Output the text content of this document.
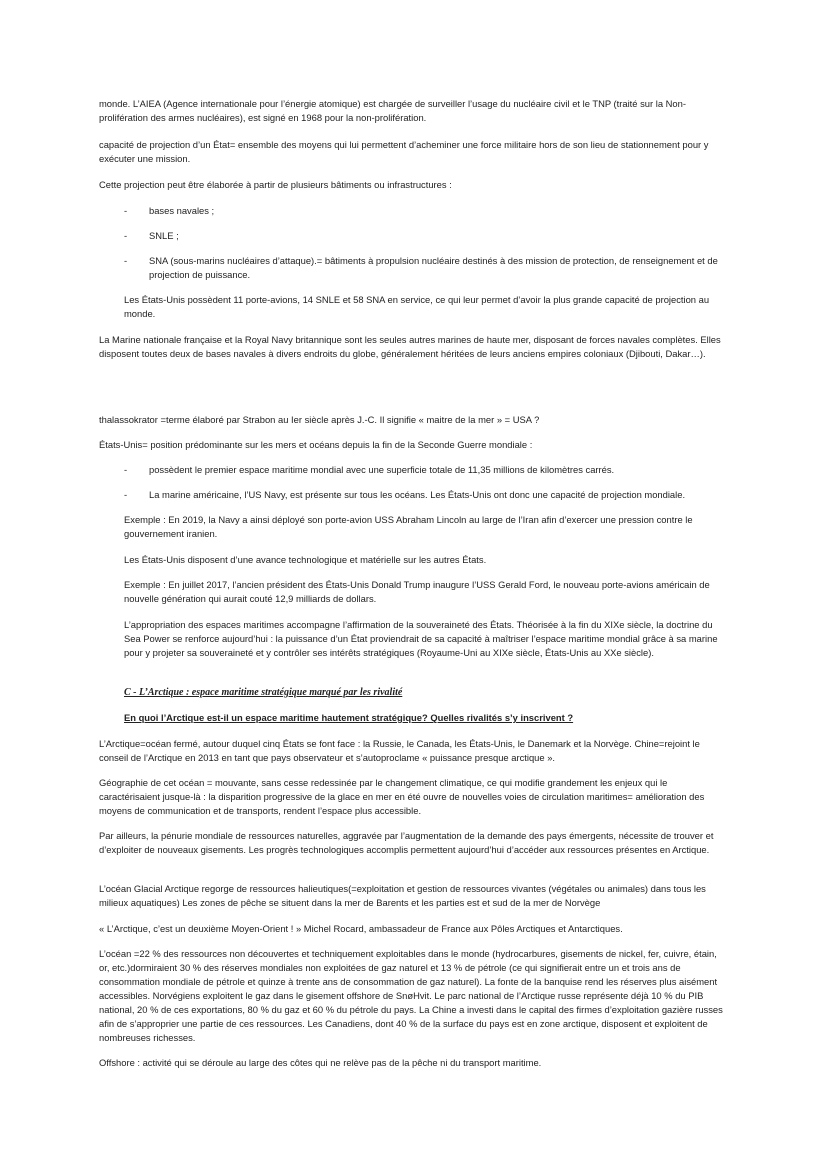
monde. L’AIEA (Agence internationale pour l’énergie atomique) est chargée de surveiller l’usage du nucléaire civil et le TNP (traité sur la Non-prolifération des armes nucléaires), est signé en 1968 pour la non-prolifération.

capacité de projection d’un État= ensemble des moyens qui lui permettent d’acheminer une force militaire hors de son lieu de stationnement pour y exécuter une mission.

Cette projection peut être élaborée à partir de plusieurs bâtiments ou infrastructures :

- bases navales ;

- SNLE ;

- SNA (sous-marins nucléaires d’attaque).= bâtiments à propulsion nucléaire destinés à des mission de protection, de renseignement et de projection de puissance.

Les États-Unis possèdent 11 porte-avions, 14 SNLE et 58 SNA en service, ce qui leur permet d’avoir la plus grande capacité de projection au monde.

La Marine nationale française et la Royal Navy britannique sont les seules autres marines de haute mer, disposant de forces navales complètes. Elles disposent toutes deux de bases navales à divers endroits du globe, généralement héritées de leurs anciens empires coloniaux (Djibouti, Dakar…).

thalassokrator =terme élaboré par Strabon au Ier siècle après J.-C. Il signifie « maitre de la mer » = USA ?

États-Unis= position prédominante sur les mers et océans depuis la fin de la Seconde Guerre mondiale :

- possèdent le premier espace maritime mondial avec une superficie totale de 11,35 millions de kilomètres carrés.

- La marine américaine, l’US Navy, est présente sur tous les océans. Les États-Unis ont donc une capacité de projection mondiale.

Exemple : En 2019, la Navy a ainsi déployé son porte-avion USS Abraham Lincoln au large de l’Iran afin d’exercer une pression contre le gouvernement iranien.

Les États-Unis disposent d’une avance technologique et matérielle sur les autres États.

Exemple : En juillet 2017, l’ancien président des États-Unis Donald Trump inaugure l’USS Gerald Ford, le nouveau porte-avions américain de nouvelle génération qui aurait couté 12,9 milliards de dollars.

L’appropriation des espaces maritimes accompagne l’affirmation de la souveraineté des États. Théorisée à la fin du XIXe siècle, la doctrine du Sea Power se renforce aujourd’hui : la puissance d’un État proviendrait de sa capacité à maîtriser l’espace maritime mondial grâce à sa marine pour y projeter sa souveraineté et y contrôler ses intérêts stratégiques (Royaume-Uni au XIXe siècle, États-Unis au XXe siècle).

C - L’Arctique : espace maritime stratégique marqué par les rivalité

En quoi l’Arctique est-il un espace maritime hautement stratégique? Quelles rivalités s’y inscrivent ?

L’Arctique=océan fermé, autour duquel cinq États se font face : la Russie, le Canada, les États-Unis, le Danemark et la Norvège. Chine=rejoint le conseil de l’Arctique en 2013 en tant que pays observateur et s’autoproclame « puissance presque arctique ».

Géographie de cet océan = mouvante, sans cesse redessinée par le changement climatique, ce qui modifie grandement les enjeux qui le caractérisaient jusque-là : la disparition progressive de la glace en mer en été ouvre de nouvelles voies de circulation maritimes= amélioration des moyens de communication et de transports, rendent l’espace plus accessible.

Par ailleurs, la pénurie mondiale de ressources naturelles, aggravée par l’augmentation de la demande des pays émergents, nécessite de trouver et d’exploiter de nouveaux gisements. Les progrès technologiques accomplis permettent aujourd’hui d’accéder aux ressources présentes en Arctique.

L’océan Glacial Arctique regorge de ressources halieutiques(=exploitation et gestion de ressources vivantes (végétales ou animales) dans tous les milieux aquatiques) Les zones de pêche se situent dans la mer de Barents et les parties est et sud de la mer de Norvège

« L’Arctique, c’est un deuxième Moyen-Orient ! » Michel Rocard, ambassadeur de France aux Pôles Arctiques et Antarctiques.

L’océan =22 % des ressources non découvertes et techniquement exploitables dans le monde (hydrocarbures, gisements de nickel, fer, cuivre, étain, or, etc.)dormiraient 30 % des réserves mondiales non exploitées de gaz naturel et 13 % de pétrole (ce qui signifierait entre un et trois ans de consommation mondiale de pétrole et quinze à trente ans de consommation de gaz naturel). La fonte de la banquise rend les réserves plus aisément accessibles. Norvégiens exploitent le gaz dans le gisement offshore de SnøHvit. Le parc national de l’Arctique russe représente déjà 10 % du PIB national, 20 % de ces exportations, 80 % du gaz et 60 % du pétrole du pays. La Chine a investi dans le capital des firmes d’exploitation gazière russes afin de s’approprier une partie de ces ressources. Les Canadiens, dont 40 % de la surface du pays est en zone arctique, disposent et exploitent de nombreuses richesses.

Offshore : activité qui se déroule au large des côtes qui ne relève pas de la pêche ni du transport maritime.
